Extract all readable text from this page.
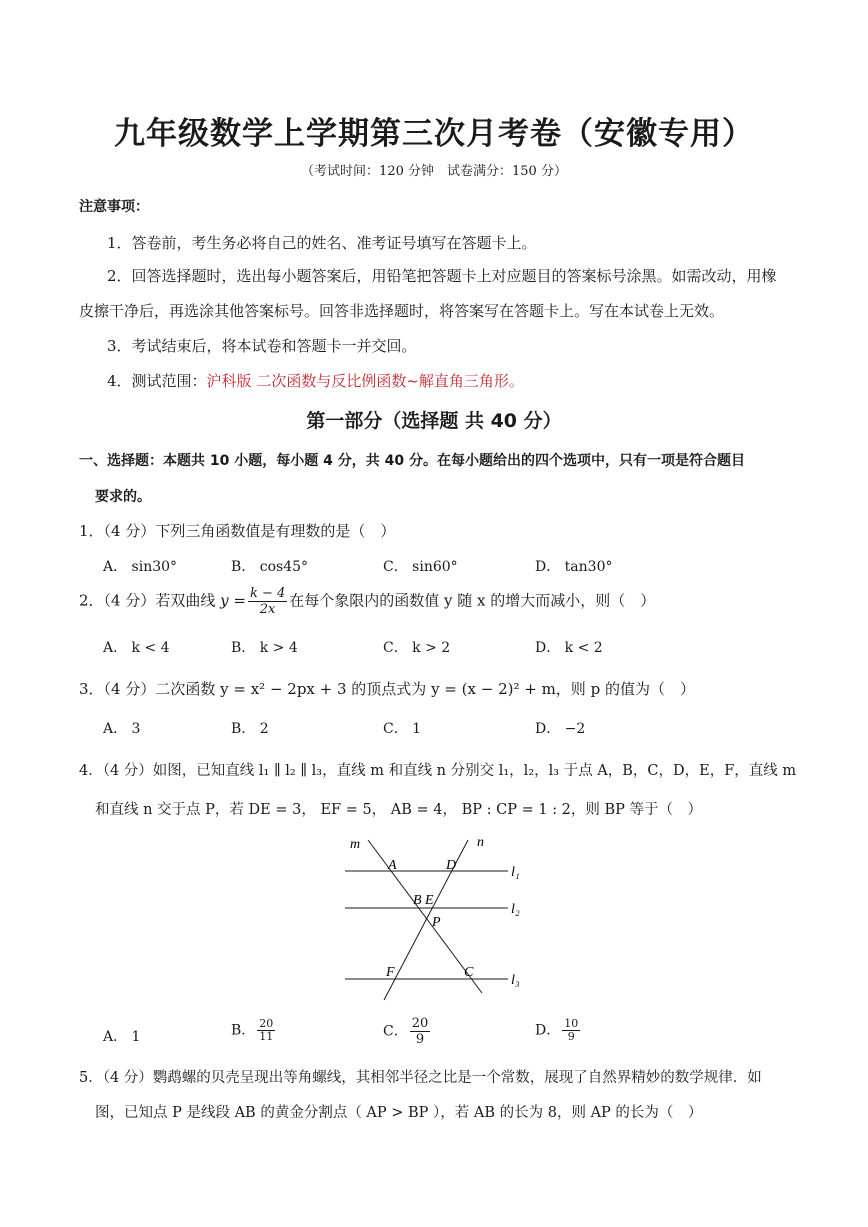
九年级数学上学期第三次月考卷（安徽专用）
（考试时间：120 分钟　试卷满分：150 分）
注意事项：
1．答卷前，考生务必将自己的姓名、准考证号填写在答题卡上。
2．回答选择题时，选出每小题答案后，用铅笔把答题卡上对应题目的答案标号涂黑。如需改动，用橡
皮擦干净后，再选涂其他答案标号。回答非选择题时，将答案写在答题卡上。写在本试卷上无效。
3．考试结束后，将本试卷和答题卡一并交回。
4．测试范围：沪科版 二次函数与反比例函数~解直角三角形。
第一部分（选择题 共 40 分）
一、选择题：本题共 10 小题，每小题 4 分，共 40 分。在每小题给出的四个选项中，只有一项是符合题目
要求的。
1．（4 分）下列三角函数值是有理数的是（　）
A． sin30°	B． cos45°	C． sin60°	D． tan30°
2．（4 分）若双曲线 $y = \frac{k - 4}{2x}$ 在每个象限内的函数值 y 随 x 的增大而减小，则（　）
A． k < 4	B． k > 4	C． k > 2	D． k < 2
3．（4 分）二次函数 y = x² − 2px + 3 的顶点式为 y = (x − 2)² + m，则 p 的值为（　）
A． 3	B． 2	C． 1	D． −2
4．（4 分）如图，已知直线 l₁ ∥ l₂ ∥ l₃，直线 m 和直线 n 分别交 l₁，l₂，l₃ 于点 A，B，C，D，E，F，直线 m
和直线 n 交于点 P，若 DE = 3， EF = 5， AB = 4， BP : CP = 1 : 2，则 BP 等于（　）
m	n
A	D
B E
P
F	C
l₁
l₂
l₃
A． 1	B． $\frac{20}{11}$	C． $\frac{20}{9}$	D． $\frac{10}{9}$
5．（4 分）鹦鹉螺的贝壳呈现出等角螺线，其相邻半径之比是一个常数，展现了自然界精妙的数学规律．如
图，已知点 P 是线段 AB 的黄金分割点（ AP > BP ），若 AB 的长为 8，则 AP 的长为（　）
